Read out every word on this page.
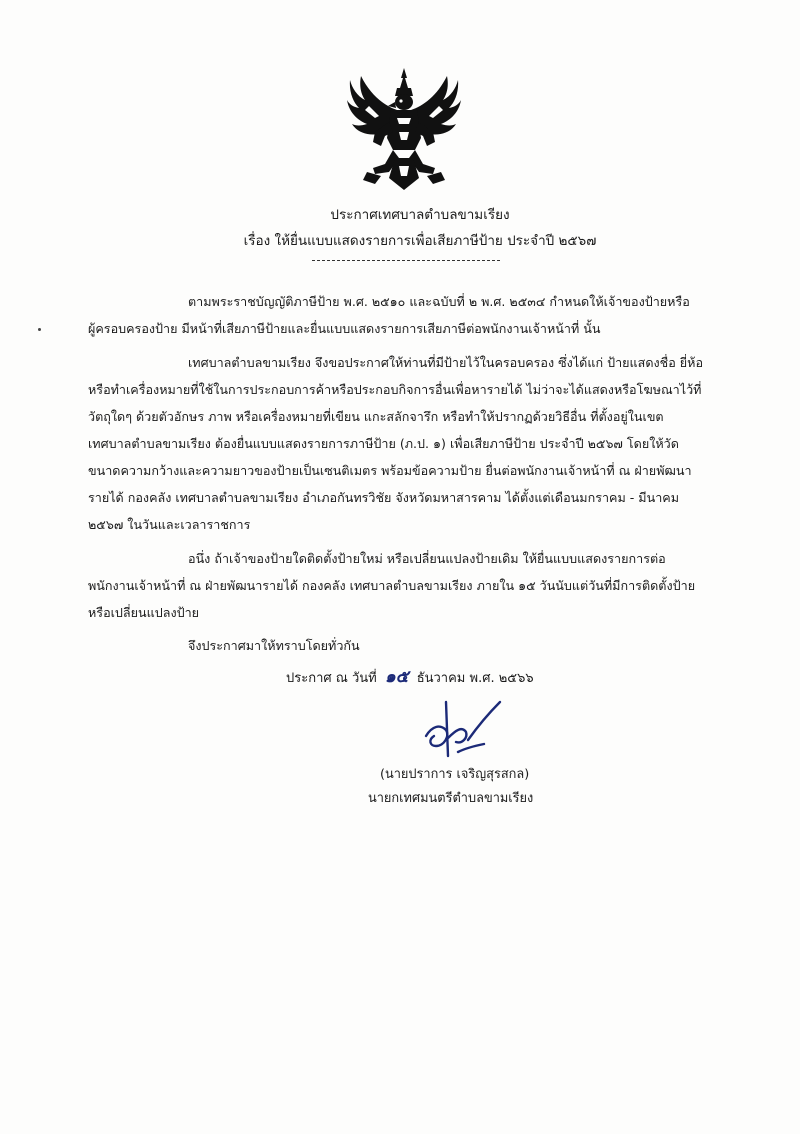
ประกาศเทศบาลตำบลขามเรียง
เรื่อง ให้ยื่นแบบแสดงรายการเพื่อเสียภาษีป้าย ประจำปี ๒๕๖๗
ตามพระราชบัญญัติภาษีป้าย พ.ศ. ๒๕๑๐ และฉบับที่ ๒ พ.ศ. ๒๕๓๔ กำหนดให้เจ้าของป้ายหรือ
ผู้ครอบครองป้าย มีหน้าที่เสียภาษีป้ายและยื่นแบบแสดงรายการเสียภาษีต่อพนักงานเจ้าหน้าที่ นั้น
เทศบาลตำบลขามเรียง จึงขอประกาศให้ท่านที่มีป้ายไว้ในครอบครอง ซึ่งได้แก่ ป้ายแสดงชื่อ ยี่ห้อ
หรือทำเครื่องหมายที่ใช้ในการประกอบการค้าหรือประกอบกิจการอื่นเพื่อหารายได้ ไม่ว่าจะได้แสดงหรือโฆษณาไว้ที่
วัตถุใดๆ ด้วยตัวอักษร ภาพ หรือเครื่องหมายที่เขียน แกะสลักจารึก หรือทำให้ปรากฏด้วยวิธีอื่น ที่ตั้งอยู่ในเขต
เทศบาลตำบลขามเรียง ต้องยื่นแบบแสดงรายการภาษีป้าย (ภ.ป. ๑) เพื่อเสียภาษีป้าย ประจำปี ๒๕๖๗ โดยให้วัด
ขนาดความกว้างและความยาวของป้ายเป็นเซนติเมตร พร้อมข้อความป้าย ยื่นต่อพนักงานเจ้าหน้าที่ ณ ฝ่ายพัฒนา
รายได้ กองคลัง เทศบาลตำบลขามเรียง อำเภอกันทรวิชัย จังหวัดมหาสารคาม ได้ตั้งแต่เดือนมกราคม - มีนาคม
๒๕๖๗ ในวันและเวลาราชการ
อนึ่ง ถ้าเจ้าของป้ายใดติดตั้งป้ายใหม่ หรือเปลี่ยนแปลงป้ายเดิม ให้ยื่นแบบแสดงรายการต่อ
พนักงานเจ้าหน้าที่ ณ ฝ่ายพัฒนารายได้ กองคลัง เทศบาลตำบลขามเรียง ภายใน ๑๕ วันนับแต่วันที่มีการติดตั้งป้าย
หรือเปลี่ยนแปลงป้าย
จึงประกาศมาให้ทราบโดยทั่วกัน
ประกาศ ณ วันที่ ๑๕ ธันวาคม พ.ศ. ๒๕๖๖
(นายปราการ เจริญสุรสกล)
นายกเทศมนตรีตำบลขามเรียง
